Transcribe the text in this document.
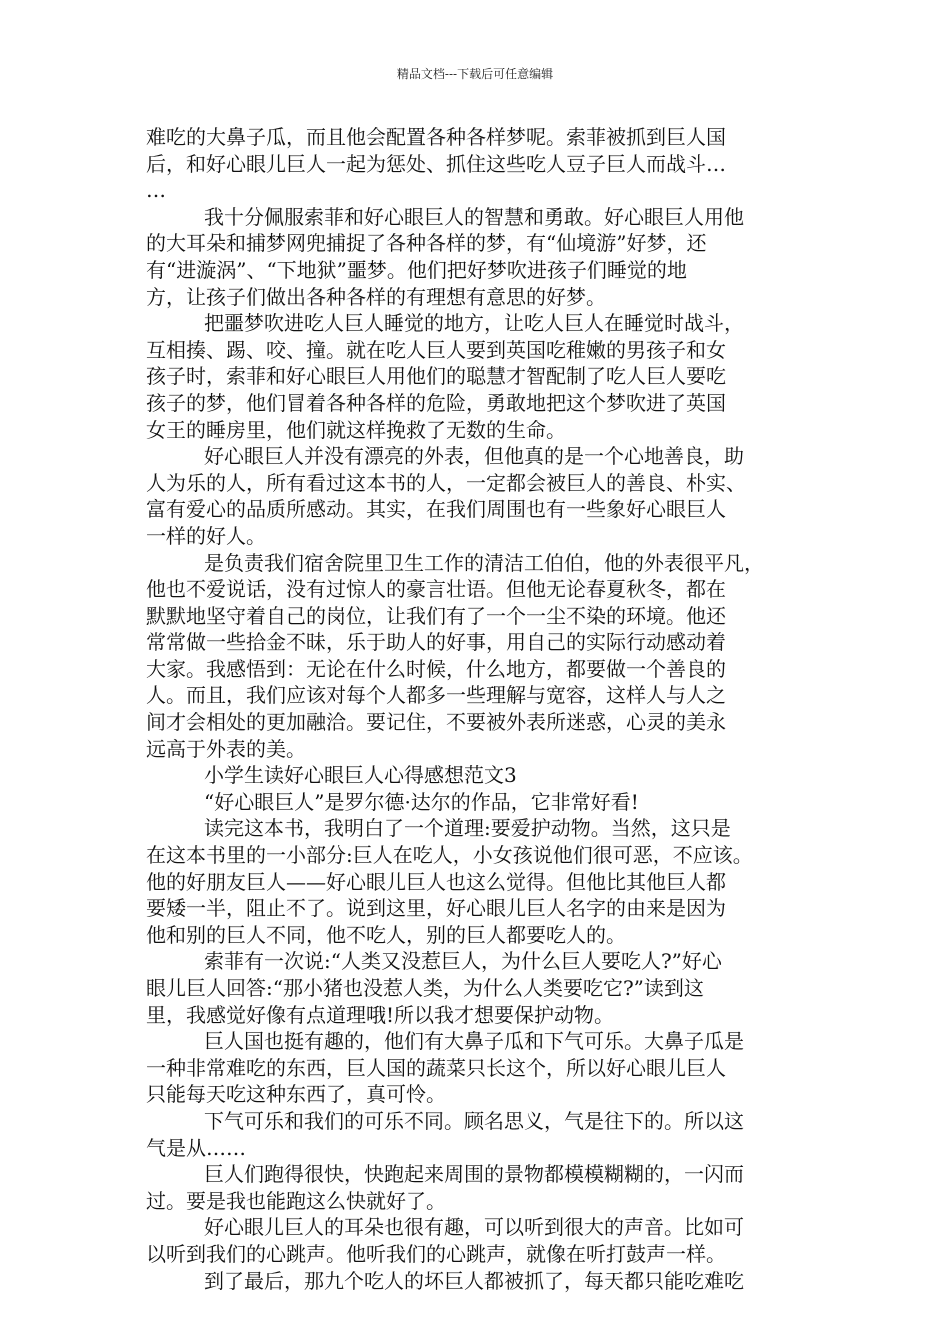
精品文档---下载后可任意编辑
难吃的大鼻子瓜，而且他会配置各种各样梦呢。索菲被抓到巨人国
后，和好心眼儿巨人一起为惩处、抓住这些吃人豆子巨人而战斗…
…
我十分佩服索菲和好心眼巨人的智慧和勇敢。好心眼巨人用他
的大耳朵和捕梦网兜捕捉了各种各样的梦，有“仙境游”好梦，还
有“进漩涡”、“下地狱”噩梦。他们把好梦吹进孩子们睡觉的地
方，让孩子们做出各种各样的有理想有意思的好梦。
把噩梦吹进吃人巨人睡觉的地方，让吃人巨人在睡觉时战斗，
互相揍、踢、咬、撞。就在吃人巨人要到英国吃稚嫩的男孩子和女
孩子时，索菲和好心眼巨人用他们的聪慧才智配制了吃人巨人要吃
孩子的梦，他们冒着各种各样的危险，勇敢地把这个梦吹进了英国
女王的睡房里，他们就这样挽救了无数的生命。
好心眼巨人并没有漂亮的外表，但他真的是一个心地善良，助
人为乐的人，所有看过这本书的人，一定都会被巨人的善良、朴实、
富有爱心的品质所感动。其实，在我们周围也有一些象好心眼巨人
一样的好人。
是负责我们宿舍院里卫生工作的清洁工伯伯，他的外表很平凡，
他也不爱说话，没有过惊人的豪言壮语。但他无论春夏秋冬，都在
默默地坚守着自己的岗位，让我们有了一个一尘不染的环境。他还
常常做一些拾金不昧，乐于助人的好事，用自己的实际行动感动着
大家。我感悟到：无论在什么时候，什么地方，都要做一个善良的
人。而且，我们应该对每个人都多一些理解与宽容，这样人与人之
间才会相处的更加融洽。要记住，不要被外表所迷惑，心灵的美永
远高于外表的美。
小学生读好心眼巨人心得感想范文3
“好心眼巨人”是罗尔德·达尔的作品，它非常好看!
读完这本书，我明白了一个道理:要爱护动物。当然，这只是
在这本书里的一小部分:巨人在吃人，小女孩说他们很可恶，不应该。
他的好朋友巨人——好心眼儿巨人也这么觉得。但他比其他巨人都
要矮一半，阻止不了。说到这里，好心眼儿巨人名字的由来是因为
他和别的巨人不同，他不吃人，别的巨人都要吃人的。
索菲有一次说:“人类又没惹巨人，为什么巨人要吃人?”好心
眼儿巨人回答:“那小猪也没惹人类，为什么人类要吃它?”读到这
里，我感觉好像有点道理哦!所以我才想要保护动物。
巨人国也挺有趣的，他们有大鼻子瓜和下气可乐。大鼻子瓜是
一种非常难吃的东西，巨人国的蔬菜只长这个，所以好心眼儿巨人
只能每天吃这种东西了，真可怜。
下气可乐和我们的可乐不同。顾名思义，气是往下的。所以这
气是从……
巨人们跑得很快，快跑起来周围的景物都模模糊糊的，一闪而
过。要是我也能跑这么快就好了。
好心眼儿巨人的耳朵也很有趣，可以听到很大的声音。比如可
以听到我们的心跳声。他听我们的心跳声，就像在听打鼓声一样。
到了最后，那九个吃人的坏巨人都被抓了，每天都只能吃难吃
